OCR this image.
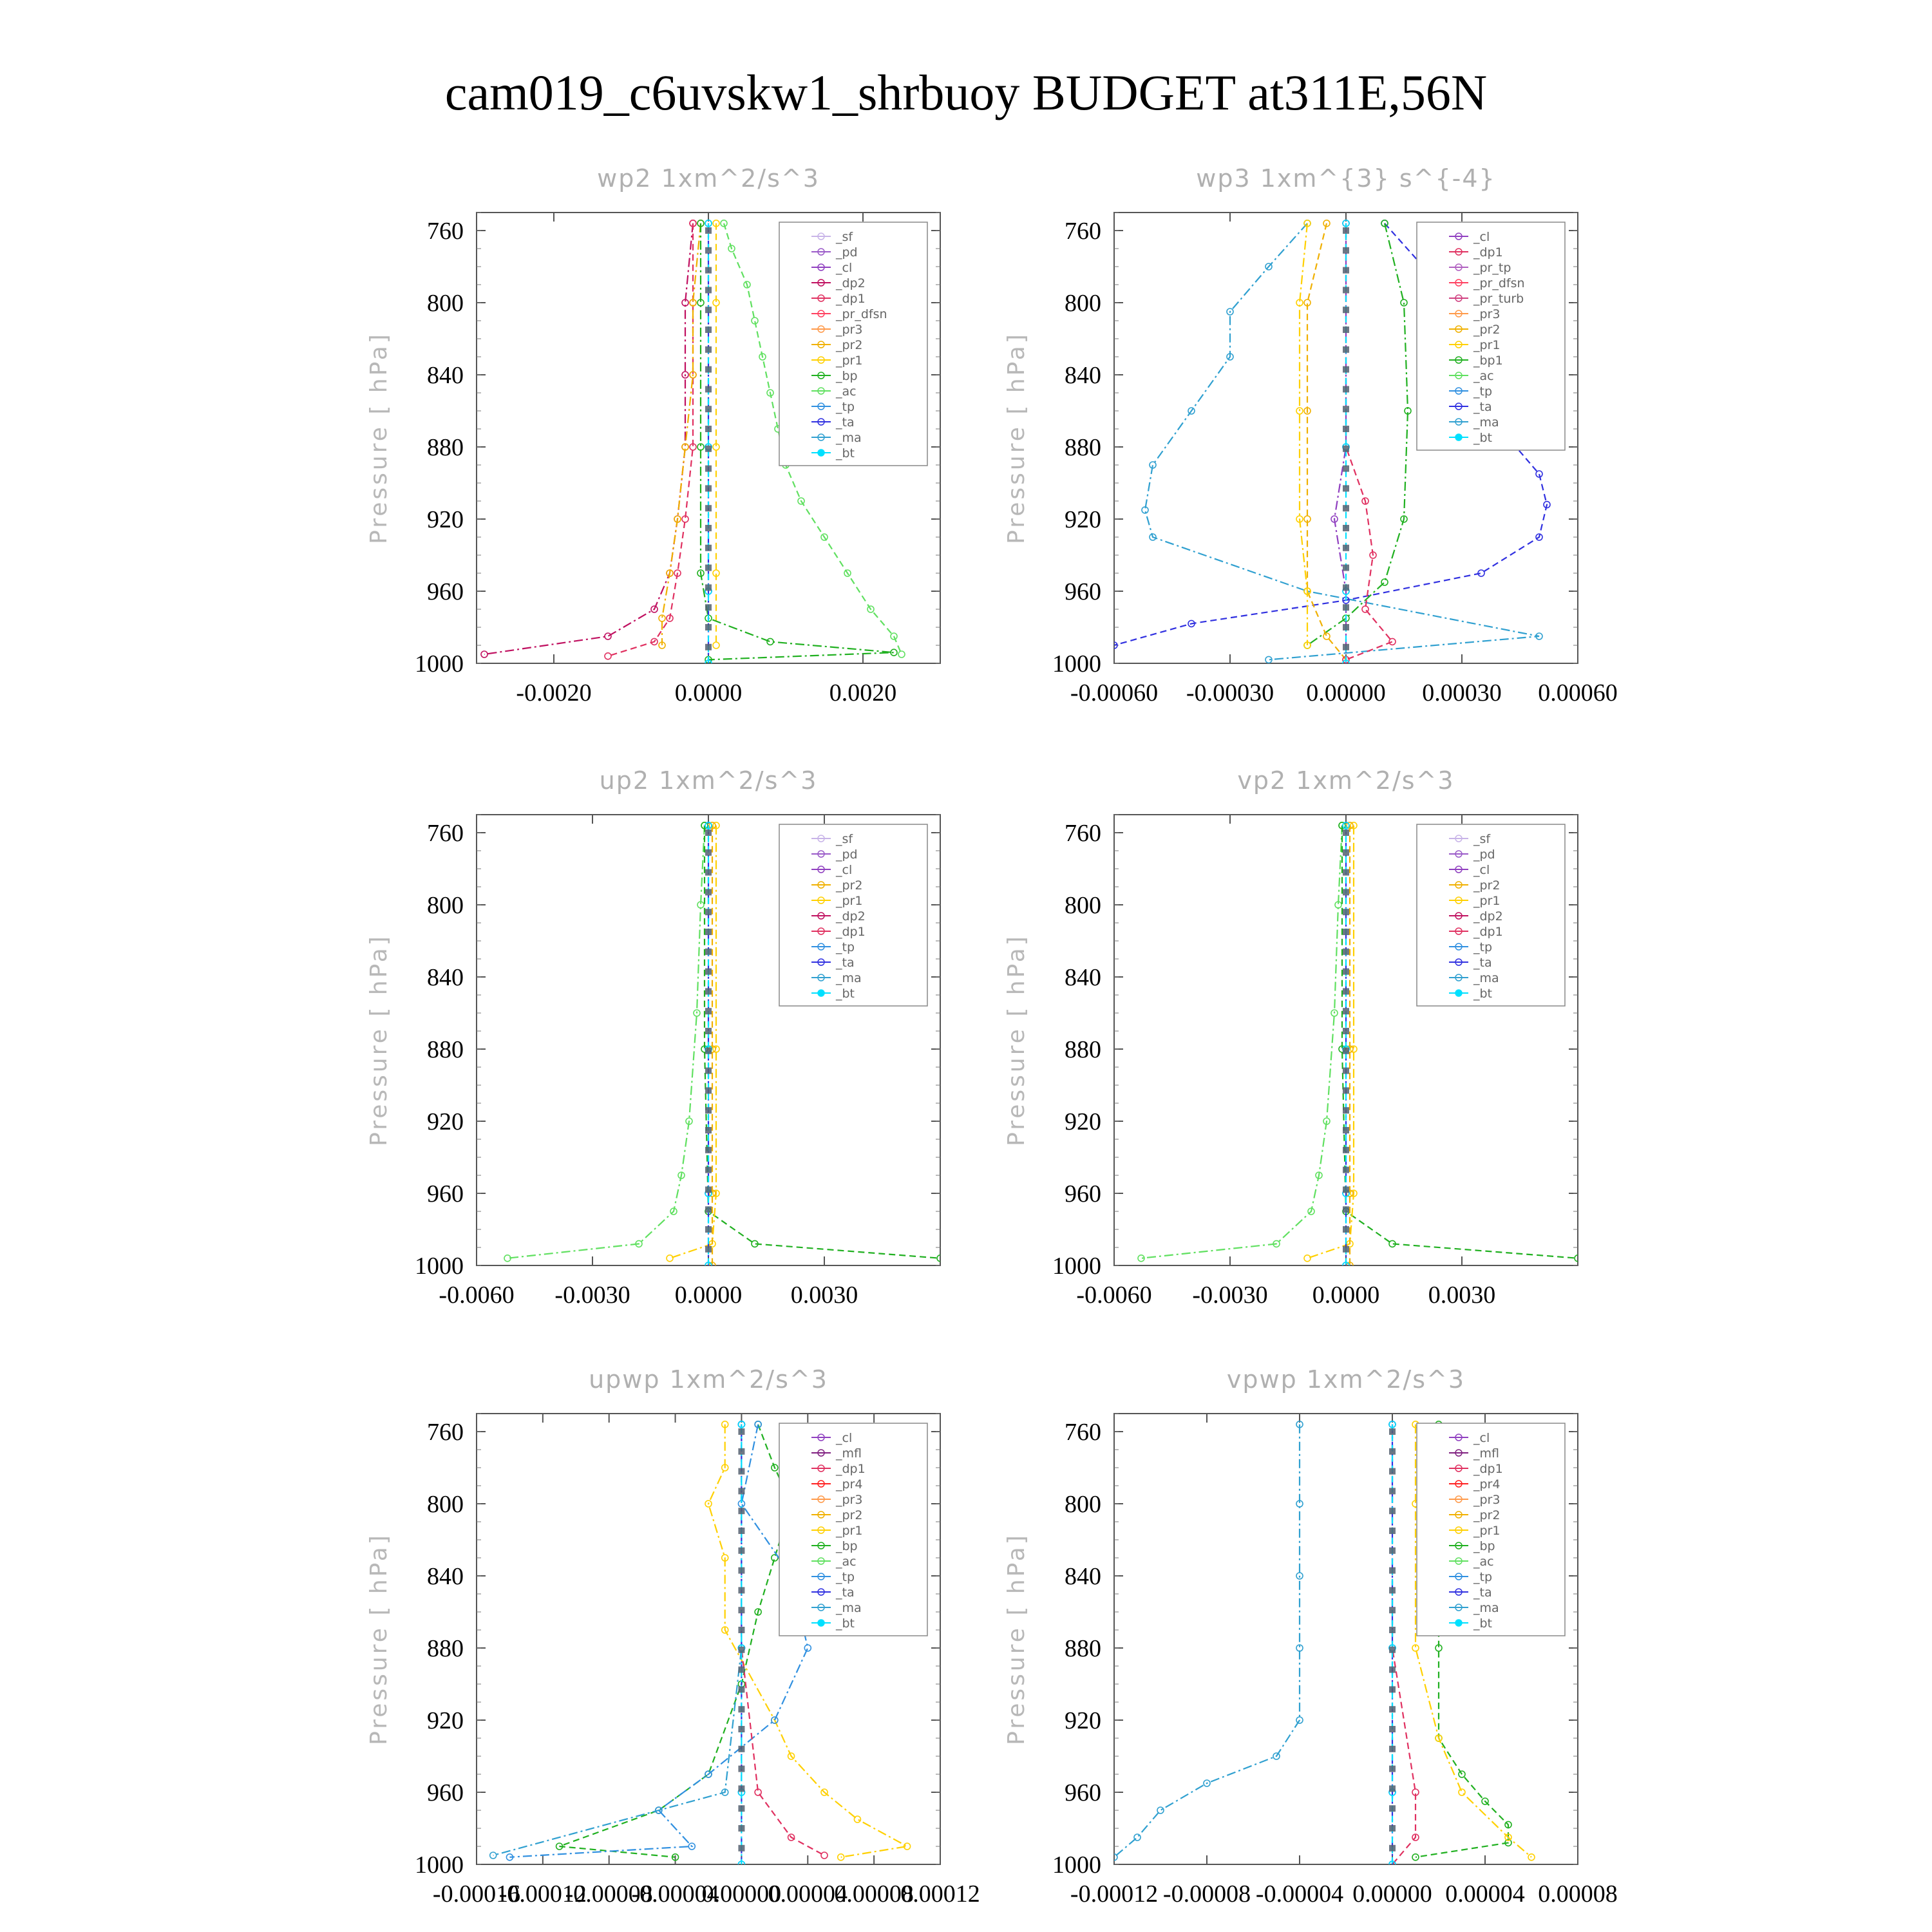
cam019_c6uvskw1_shrbuoy BUDGET at311E,56N
wp2 1xm^2/s^3
Pressure [ hPa]
760
800
840
880
920
960
1000
-0.0020	0.0000	0.0020
_sf
_pd
_cl
_dp2
_dp1
_pr_dfsn
_pr3
_pr2
_pr1
_bp
_ac
_tp
_ta
_ma
_bt
wp3 1xm^{3} s^{-4}
Pressure [ hPa]
760
800
840
880
920
960
1000
-0.00060 -0.00030 0.00000 0.00030 0.00060
_cl
_dp1
_pr_tp
_pr_dfsn
_pr_turb
_pr3
_pr2
_pr1
_bp1
_ac
_tp
_ta
_ma
_bt
up2 1xm^2/s^3
Pressure [ hPa]
760
800
840
880
920
960
1000
-0.0060 -0.0030 0.0000 0.0030
_sf
_pd
_cl
_pr2
_pr1
_dp2
_dp1
_tp
_ta
_ma
_bt
vp2 1xm^2/s^3
Pressure [ hPa]
760
800
840
880
920
960
1000
-0.0060 -0.0030 0.0000 0.0030
_sf
_pd
_cl
_pr2
_pr1
_dp2
_dp1
_tp
_ta
_ma
_bt
upwp 1xm^2/s^3
Pressure [ hPa]
760
800
840
880
920
960
1000
-0.00016
-0.00012
-0.00008
-0.00004
0.00000
0.00004
0.00008
0.00012
_cl
_mfl
_dp1
_pr4
_pr3
_pr2
_pr1
_bp
_ac
_tp
_ta
_ma
_bt
vpwp 1xm^2/s^3
Pressure [ hPa]
760
800
840
880
920
960
1000
-0.00012 -0.00008 -0.00004 0.00000 0.00004 0.00008
_cl
_mfl
_dp1
_pr4
_pr3
_pr2
_pr1
_bp
_ac
_tp
_ta
_ma
_bt
